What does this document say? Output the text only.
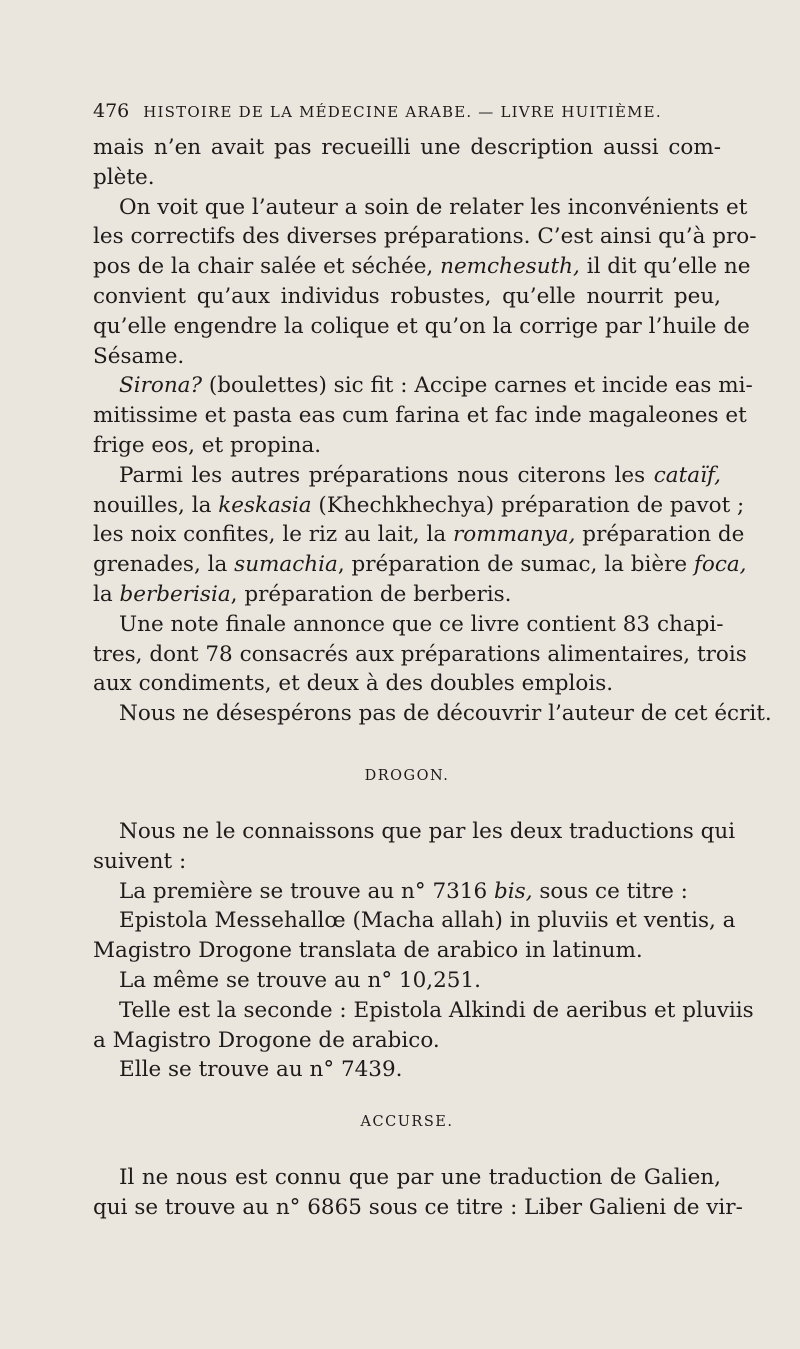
476 HISTOIRE DE LA MÉDECINE ARABE. — LIVRE HUITIÈME.
mais n’en avait pas recueilli une description aussi com-
plète.
On voit que l’auteur a soin de relater les inconvénients et
les correctifs des diverses préparations. C’est ainsi qu’à pro-
pos de la chair salée et séchée, nemchesuth, il dit qu’elle ne
convient qu’aux individus robustes, qu’elle nourrit peu,
qu’elle engendre la colique et qu’on la corrige par l’huile de
Sésame.
Sirona? (boulettes) sic fit : Accipe carnes et incide eas mi-
mitissime et pasta eas cum farina et fac inde magaleones et
frige eos, et propina.
Parmi les autres préparations nous citerons les cataïf,
nouilles, la keskasia (Khechkhechya) préparation de pavot ;
les noix confites, le riz au lait, la rommanya, préparation de
grenades, la sumachia, préparation de sumac, la bière foca,
la berberisia, préparation de berberis.
Une note finale annonce que ce livre contient 83 chapi-
tres, dont 78 consacrés aux préparations alimentaires, trois
aux condiments, et deux à des doubles emplois.
Nous ne désespérons pas de découvrir l’auteur de cet écrit.
DROGON.
Nous ne le connaissons que par les deux traductions qui
suivent :
La première se trouve au n° 7316 bis, sous ce titre :
Epistola Messehallœ (Macha allah) in pluviis et ventis, a
Magistro Drogone translata de arabico in latinum.
La même se trouve au n° 10,251.
Telle est la seconde : Epistola Alkindi de aeribus et pluviis
a Magistro Drogone de arabico.
Elle se trouve au n° 7439.
ACCURSE.
Il ne nous est connu que par une traduction de Galien,
qui se trouve au n° 6865 sous ce titre : Liber Galieni de vir-
